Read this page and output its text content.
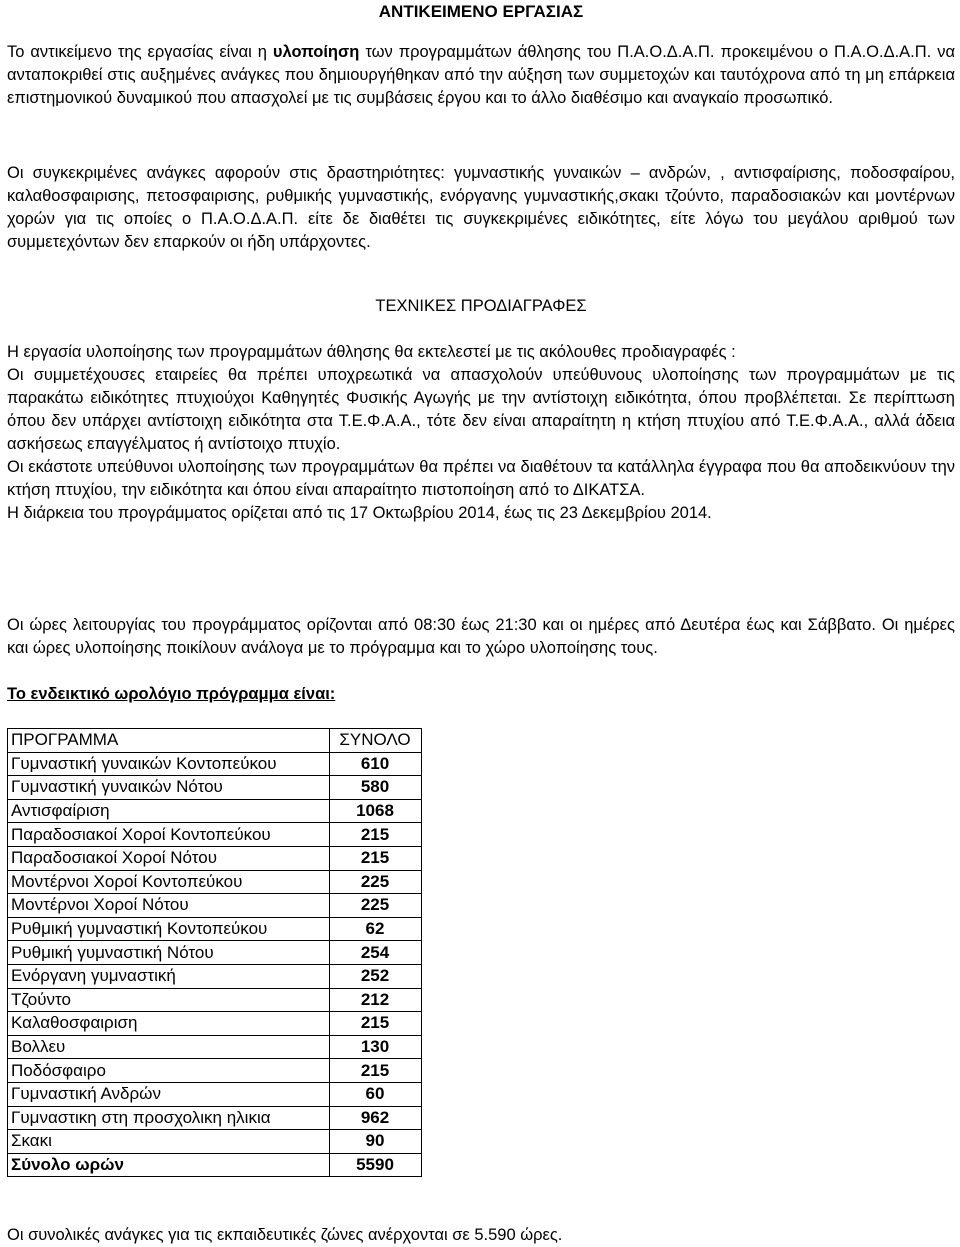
ΑΝΤΙΚΕΙΜΕΝΟ ΕΡΓΑΣΙΑΣ

Το αντικείμενο της εργασίας είναι η υλοποίηση των προγραμμάτων άθλησης του Π.Α.Ο.Δ.Α.Π. προκειμένου ο Π.Α.Ο.Δ.Α.Π. να ανταποκριθεί στις αυξημένες ανάγκες που δημιουργήθηκαν από την αύξηση των συμμετοχών και ταυτόχρονα από τη μη επάρκεια επιστημονικού δυναμικού που απασχολεί με τις συμβάσεις έργου και το άλλο διαθέσιμο και αναγκαίο προσωπικό.

Οι συγκεκριμένες ανάγκες αφορούν στις δραστηριότητες: γυμναστικής γυναικών – ανδρών, , αντισφαίρισης, ποδοσφαίρου, καλαθοσφαιρισης, πετοσφαιρισης, ρυθμικής γυμναστικής, ενόργανης γυμναστικής,σκακι τζούντο, παραδοσιακών και μοντέρνων χορών για τις οποίες ο Π.Α.Ο.Δ.Α.Π. είτε δε διαθέτει τις συγκεκριμένες ειδικότητες, είτε λόγω του μεγάλου αριθμού των συμμετεχόντων δεν επαρκούν οι ήδη υπάρχοντες.

ΤΕΧΝΙΚΕΣ ΠΡΟΔΙΑΓΡΑΦΕΣ

Η εργασία υλοποίησης των προγραμμάτων άθλησης θα εκτελεστεί με τις ακόλουθες προδιαγραφές :

Οι συμμετέχουσες εταιρείες θα πρέπει υποχρεωτικά να απασχολούν υπεύθυνους υλοποίησης των προγραμμάτων με τις παρακάτω ειδικότητες πτυχιούχοι Καθηγητές Φυσικής Αγωγής με την αντίστοιχη ειδικότητα, όπου προβλέπεται. Σε περίπτωση όπου δεν υπάρχει αντίστοιχη ειδικότητα στα Τ.Ε.Φ.Α.Α., τότε δεν είναι απαραίτητη η κτήση πτυχίου από Τ.Ε.Φ.Α.Α., αλλά άδεια ασκήσεως επαγγέλματος ή αντίστοιχο πτυχίο.

Οι εκάστοτε υπεύθυνοι υλοποίησης των προγραμμάτων θα πρέπει να διαθέτουν τα κατάλληλα έγγραφα που θα αποδεικνύουν την κτήση πτυχίου, την ειδικότητα και όπου είναι απαραίτητο πιστοποίηση από το ΔΙΚΑΤΣΑ.

Η διάρκεια του προγράμματος ορίζεται από τις 17 Οκτωβρίου 2014, έως τις 23 Δεκεμβρίου 2014.

Οι ώρες λειτουργίας του προγράμματος ορίζονται από 08:30 έως 21:30 και οι ημέρες από Δευτέρα έως και Σάββατο. Οι ημέρες και ώρες υλοποίησης ποικίλουν ανάλογα με το πρόγραμμα και το χώρο υλοποίησης τους.

Το ενδεικτικό ωρολόγιο πρόγραμμα είναι:
ΠΡΟΓΡΑΜΜΑ	ΣΥΝΟΛΟ
Γυμναστική γυναικών Κοντοπεύκου	610
Γυμναστική γυναικών Νότου	580
Αντισφαίριση	1068
Παραδοσιακοί Χοροί Κοντοπεύκου	215
Παραδοσιακοί Χοροί Νότου	215
Μοντέρνοι Χοροί Κοντοπεύκου	225
Μοντέρνοι Χοροί Νότου	225
Ρυθμική γυμναστική Κοντοπεύκου	62
Ρυθμική γυμναστική Νότου	254
Ενόργανη γυμναστική	252
Τζούντο	212
Καλαθοσφαιριση	215
Βολλευ	130
Ποδόσφαιρο	215
Γυμναστική Ανδρών	60
Γυμναστικη στη προσχολικη ηλικια	962
Σκακι	90
Σύνολο ωρών	5590
Οι συνολικές ανάγκες για τις εκπαιδευτικές ζώνες ανέρχονται σε 5.590 ώρες.
